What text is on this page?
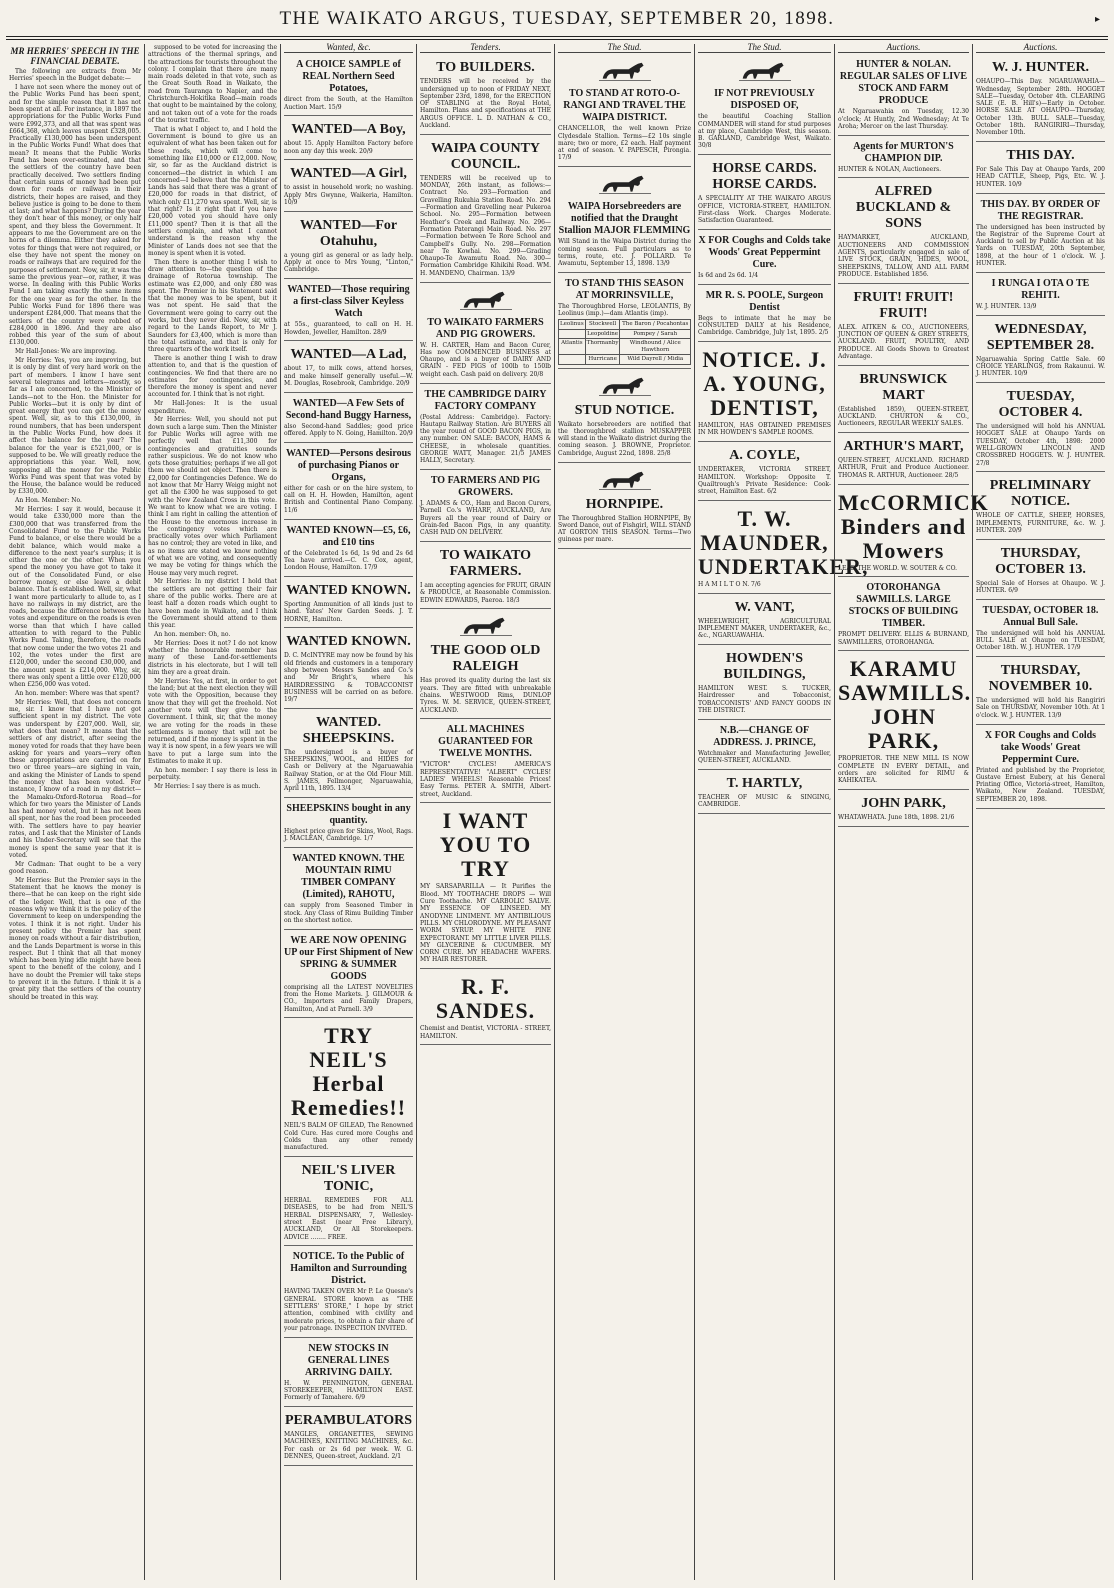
THE WAIKATO ARGUS, TUESDAY, SEPTEMBER 20, 1898.	▸
MR HERRIES' SPEECH IN THE FINANCIAL DEBATE.

The following are extracts from Mr Herries' speech in the Budget debate:—

I have not seen where the money out of the Public Works Fund has been spent, and for the simple reason that it has not been spent at all. For instance, in 1897 the appropriations for the Public Works Fund were £992,373, and all that was spent was £664,368, which leaves unspent £328,005. Practically £130,000 has been underspent in the Public Works Fund! What does that mean? It means that the Public Works Fund has been over-estimated, and that the settlers of the country have been practically deceived. Two settlers finding that certain sums of money had been put down for roads or railways in their districts, their hopes are raised, and they believe justice is going to be done to them at last; and what happens? During the year they don't hear of this money, or only half spent, and they bless the Government. It appears to me the Government are on the horns of a dilemma. Either they asked for votes for things that were not required, or else they have not spent the money on roads or railways that are required for the purposes of settlement. Now, sir, it was the same the previous year—or, rather, it was worse. In dealing with this Public Works Fund I am taking exactly the same items for the one year as for the other. In the Public Works Fund for 1896 there was underspent £284,000. That means that the settlers of the country were robbed of £284,000 in 1896. And they are also robbed this year of the sum of about £130,000.

Mr Hall-Jones: We are improving.

Mr Herries: Yes, you are improving, but it is only by dint of very hard work on the part of members. I know I have sent several telegrams and letters—mostly, so far as I am concerned, to the Minister of Lands—not to the Hon. the Minister for Public Works—but it is only by dint of great energy that you can get the money spent. Well, sir, as to this £130,000, in round numbers, that has been underspent in the Public Works Fund, how does it affect the balance for the year? The balance for the year is £521,000, or is supposed to be. We will greatly reduce the appropriations this year. Well, now, supposing all the money for the Public Works Fund was spent that was voted by the House, the balance would be reduced by £330,000.

An Hon. Member: No.

Mr Herries: I say it would, because it would take £330,000 more than the £300,000 that was transferred from the Consolidated Fund to the Public Works Fund to balance, or else there would be a debit balance, which would make a difference to the next year's surplus; it is either the one or the other. When you spend the money you have got to take it out of the Consolidated Fund, or else borrow money, or else leave a debit balance. That is established. Well, sir, what I want more particularly to allude to, as I have no railways in my district, are the roads, because the difference between the votes and expenditure on the roads is even worse than that which I have called attention to with regard to the Public Works Fund. Taking, therefore, the roads that now come under the two votes 21 and 102, the votes under the first are £120,000, under the second £30,000, and the amount spent is £214,000. Why, sir, there was only spent a little over £120,000 when £256,000 was voted.

An hon. member: Where was that spent?

Mr Herries: Well, that does not concern me, sir. I know that I have not got sufficient spent in my district. The vote was underspent by £207,000. Well, sir, what does that mean? It means that the settlers of any district, after seeing the money voted for roads that they have been asking for years and years—very often these appropriations are carried on for two or three years—are sighing in vain, and asking the Minister of Lands to spend the money that has been voted. For instance, I know of a road in my district—the Mamaku-Oxford-Rotorua Road—for which for two years the Minister of Lands has had money voted, but it has not been all spent, nor has the road been proceeded with. The settlers have to pay heavier rates, and I ask that the Minister of Lands and his Under-Secretary will see that the money is spent the same year that it is voted.

Mr Cadman: That ought to be a very good reason.

Mr Herries: But the Premier says in the Statement that he knows the money is there—that he can keep on the right side of the ledger. Well, that is one of the reasons why we think it is the policy of the Government to keep on underspending the votes. I think it is not right. Under his present policy the Premier has spent money on roads without a fair distribution, and the Lands Department is worse in this respect. But I think that all that money which has been lying idle might have been spent to the benefit of the colony, and I have no doubt the Premier will take steps to prevent it in the future. I think it is a great pity that the settlers of the country should be treated in this way.

supposed to be voted for increasing the attractions of the thermal springs, and the attractions for tourists throughout the colony. I complain that there are many main roads deleted in that vote, such as the Great South Road in Waikato, the road from Tauranga to Napier, and the Christchurch-Hokitika Road—main roads that ought to be maintained by the colony, and not taken out of a vote for the roads of the tourist traffic.

That is what I object to, and I hold the Government is bound to give us an equivalent of what has been taken out for these roads, which will come to something like £10,000 or £12,000. Now, sir, so far as the Auckland district is concerned—the district in which I am concerned—I believe that the Minister of Lands has said that there was a grant of £20,000 for roads in that district, of which only £11,270 was spent. Well, sir, is that right? Is it right that if you have £20,000 voted you should have only £11,000 spent? Then it is that all the settlers complain, and what I cannot understand is the reason why the Minister of Lands does not see that the money is spent when it is voted.

Then there is another thing I wish to draw attention to—the question of the drainage of Rotorua township. The estimate was £2,000, and only £80 was spent. The Premier in his Statement said that the money was to be spent, but it was not spent. He said that the Government were going to carry out the works, but they never did. Now, sir, with regard to the Lands Report, to Mr J. Saunders for £3,400, which is more than the total estimate, and that is only for three quarters of the work itself.

There is another thing I wish to draw attention to, and that is the question of contingencies. We find that there are no estimates for contingencies, and therefore the money is spent and never accounted for. I think that is not right.

Mr Hall-Jones: It is the usual expenditure.

Mr Herries: Well, you should not put down such a large sum. Then the Minister for Public Works will agree with me perfectly well that £11,300 for contingencies and gratuities sounds rather suspicious. We do not know who gets those gratuities; perhaps if we all got them we should not object. Then there is £2,000 for Contingencies Defence. We do not know that Mr Harry Weigg might not get all the £300 he was supposed to get with the New Zealand Cross in this vote. We want to know what we are voting. I think I am right in calling the attention of the House to the enormous increase in the contingency votes which are practically votes over which Parliament has no control; they are voted in like, and as no items are stated we know nothing of what we are voting, and consequently we may be voting for things which the House may very much regret.

Mr Herries: In my district I hold that the settlers are not getting their fair share of the public works. There are at least half a dozen roads which ought to have been made in Waikato, and I think the Government should attend to them this year.

An hon. member: Oh, no.

Mr Herries: Does it not? I do not know whether the honourable member has many of these Land-for-settlements districts in his electorate, but I will tell him they are a great drain.

Mr Herries: Yes, at first, in order to get the land; but at the next election they will vote with the Opposition, because they know that they will get the freehold. Not another vote will they give to the Government. I think, sir, that the money we are voting for the roads in these settlements is money that will not be returned, and if the money is spent in the way it is now spent, in a few years we will have to put a large sum into the Estimates to make it up.

An hon. member: I say there is less in perpetuity.

Mr Herries: I say there is as much.

Wanted, &c.
A CHOICE SAMPLE of REAL Northern Seed Potatoes,

direct from the South, at the Hamilton Auction Mart. 15/9

WANTED—A Boy,

about 15. Apply Hamilton Factory before noon any day this week. 20/9

WANTED—A Girl,

to assist in household work; no washing. Apply Mrs Gwynne, Waikeria, Hamilton. 10/9

WANTED—For Otahuhu,

a young girl as general or as lady help. Apply at once to Mrs Young, "Linton," Cambridge.

WANTED—Those requiring a first-class Silver Keyless Watch

at 55s., guaranteed, to call on H. H. Howden, Jeweller, Hamilton. 28/9

WANTED—A Lad,

about 17, to milk cows, attend horses, and make himself generally useful.—W. M. Douglas, Rosebrook, Cambridge. 20/9

WANTED—A Few Sets of Second-hand Buggy Harness,

also Second-hand Saddles; good price offered. Apply to N. Going, Hamilton. 20/9

WANTED—Persons desirous of purchasing Pianos or Organs,

either for cash or on the hire system, to call on H. H. Howden, Hamilton, agent British and Continental Piano Company. 11/6

WANTED KNOWN—£5, £6, and £10 tins

of the Celebrated 1s 6d, 1s 9d and 2s 6d Tea have arrived.—C. C. Cox, agent, London House, Hamilton. 17/9

WANTED KNOWN.

Sporting Ammunition of all kinds just to hand. Yates' New Garden Seeds. J. T. HORNE, Hamilton.

WANTED KNOWN.

D. C. McINTYRE may now be found by his old friends and customers in a temporary shop between Messrs Sandes and Co.'s and Mr Bright's, where his HAIRDRESSING & TOBACCONIST BUSINESS will be carried on as before. 19/7

WANTED. SHEEPSKINS.

The undersigned is a buyer of SHEEPSKINS, WOOL, and HIDES for Cash or Delivery at the Ngaruawahia Railway Station, or at the Old Flour Mill. S. JAMES, Fellmonger, Ngaruawahia, April 11th, 1895. 13/4

SHEEPSKINS bought in any quantity.

Highest price given for Skins, Wool, Rags. J. MACLEAN, Cambridge. 1/7

WANTED KNOWN. THE MOUNTAIN RIMU TIMBER COMPANY (Limited), RAHOTU,

can supply from Seasoned Timber in stock. Any Class of Rimu Building Timber on the shortest notice.

WE ARE NOW OPENING UP our First Shipment of New SPRING & SUMMER GOODS

comprising all the LATEST NOVELTIES from the Home Markets. J. GILMOUR & CO., Importers and Family Drapers, Hamilton, And at Parnell. 3/9

TRY NEIL'S Herbal Remedies!!

NEIL'S BALM OF GILEAD, The Renowned Cold Cure. Has cured more Coughs and Colds than any other remedy manufactured.

NEIL'S LIVER TONIC,

HERBAL REMEDIES FOR ALL DISEASES, to be had from NEIL'S HERBAL DISPENSARY, 7, Wellesley-street East (near Free Library), AUCKLAND, Or All Storekeepers. ADVICE ........ FREE.

NOTICE. To the Public of Hamilton and Surrounding District.

HAVING TAKEN OVER Mr P. Le Quesne's GENERAL STORE known as "THE SETTLERS' STORE," I hope by strict attention, combined with civility and moderate prices, to obtain a fair share of your patronage. INSPECTION INVITED.

NEW STOCKS IN GENERAL LINES ARRIVING DAILY.

H. W. PENNINGTON, GENERAL STOREKEEPER, HAMILTON EAST. Formerly of Tamahere. 6/9

PERAMBULATORS

MANGLES, ORGANETTES, SEWING MACHINES, KNITTING MACHINES, &c. For cash or 2s 6d per week. W. G. DENNES, Queen-street, Auckland. 2/1

Tenders.
TO BUILDERS.

TENDERS will be received by the undersigned up to noon of FRIDAY NEXT, September 23rd, 1898, for the ERECTION OF STABLING at the Royal Hotel, Hamilton. Plans and specifications at THE ARGUS OFFICE. L. D. NATHAN & CO., Auckland.

WAIPA COUNTY COUNCIL.

TENDERS will be received up to MONDAY, 26th instant, as follows:— Contract No. 293—Formation and Gravelling Rukuhia Station Road. No. 294—Formation and Gravelling near Pukeroa School. No. 295—Formation between Heather's Creek and Railway. No. 296—Formation Paterangi Main Road. No. 297—Formation between Te Rore School and Campbell's Gully. No. 298—Formation near Te Kowhai. No. 299—Grading Ohaupo-Te Awamutu Road. No. 300—Formation Cambridge Kihikihi Road. WM. H. MANDENO, Chairman. 13/9

TO WAIKATO FARMERS AND PIG GROWERS.

W. H. CARTER, Ham and Bacon Curer, Has now COMMENCED BUSINESS at Ohaupo, and is a buyer of DAIRY AND GRAIN - FED PIGS of 100lb to 150lb weight each. Cash paid on delivery. 20/8

THE CAMBRIDGE DAIRY FACTORY COMPANY

(Postal Address: Cambridge). Factory: Hautapu Railway Station. Are BUYERS all the year round of GOOD BACON PIGS, in any number. ON SALE: BACON, HAMS & CHEESE, in wholesale quantities. GEORGE WATT, Manager. 21/5 JAMES HALLY, Secretary.

TO FARMERS AND PIG GROWERS.

J. ADAMS & CO., Ham and Bacon Curers, Parnell Co.'s WHARF, AUCKLAND, Are Buyers all the year round of Dairy or Grain-fed Bacon Pigs, in any quantity. CASH PAID ON DELIVERY.

TO WAIKATO FARMERS.

I am accepting agencies for FRUIT, GRAIN & PRODUCE, at Reasonable Commission. EDWIN EDWARDS, Paeroa. 18/3

THE GOOD OLD RALEIGH

Has proved its quality during the last six years. They are fitted with unbreakable chains. WESTWOOD Rims, DUNLOP Tyres. W. M. SERVICE, QUEEN-STREET, AUCKLAND.

ALL MACHINES GUARANTEED FOR TWELVE MONTHS.

"VICTOR" CYCLES! AMERICA'S REPRESENTATIVE! "ALBERT" CYCLES! LADIES' WHEELS! Reasonable Prices! Easy Terms. PETER A. SMITH, Albert-street, Auckland.

I WANT YOU TO TRY

MY SARSAPARILLA — It Purifies the Blood. MY TOOTHACHE DROPS — Will Cure Toothache. MY CARBOLIC SALVE. MY ESSENCE OF LINSEED. MY ANODYNE LINIMENT. MY ANTIBILIOUS PILLS. MY CHLORODYNE. MY PLEASANT WORM SYRUP. MY WHITE PINE EXPECTORANT. MY LITTLE LIVER PILLS. MY GLYCERINE & CUCUMBER. MY CORN CURE. MY HEADACHE WAFERS. MY HAIR RESTORER.

R. F. SANDES.

Chemist and Dentist, VICTORIA - STREET, HAMILTON.

The Stud.
TO STAND AT ROTO-O-RANGI AND TRAVEL THE WAIPA DISTRICT.

CHANCELLOR, the well known Prize Clydesdale Stallion. Terms—£2 10s single mare; two or more, £2 each. Half payment at end of season. V. PAPESCH, Pirongia. 17/9

WAIPA Horsebreeders are notified that the Draught Stallion MAJOR FLEMMING

Will Stand in the Waipa District during the coming season. Full particulars as to terms, route, etc. J. POLLARD. Te Awamutu, September 13, 1898. 13/9

TO STAND THIS SEASON AT MORRINSVILLE,

The Thoroughbred Horse, LEOLANTIS, By Leolinus (imp.)—dam Atlantis (imp).

Leolinus	Stockwell	The Baron / Pocahontas
	Leopoldine	Pompey / Sarah
Atlantis	Thormanby	Windhound / Alice Hawthorn
	Hurricane	Wild Dayrell / Midia
STUD NOTICE.

Waikato horsebreeders are notified that the thoroughbred stallion MUSKAPPER will stand in the Waikato district during the coming season. J. BROWNE, Proprietor. Cambridge, August 22nd, 1898. 25/8

HORNPIPE.

The Thoroughbred Stallion HORNPIPE, By Sword Dance, out of Fishgirl, WILL STAND AT GORTON THIS SEASON. Terms—Two guineas per mare.

The Stud.
IF NOT PREVIOUSLY DISPOSED OF,

the beautiful Coaching Stallion COMMANDER will stand for stud purposes at my place, Cambridge West, this season. B. GARLAND, Cambridge West, Waikato. 30/8

HORSE CARDS. HORSE CARDS.

A SPECIALITY AT THE WAIKATO ARGUS OFFICE, VICTORIA-STREET, HAMILTON. First-class Work. Charges Moderate. Satisfaction Guaranteed.

X FOR Coughs and Colds take Woods' Great Peppermint Cure.

Is 6d and 2s 6d. 1/4

MR R. S. POOLE, Surgeon Dentist

Begs to intimate that he may be CONSULTED DAILY at his Residence, Cambridge. Cambridge, July 1st, 1895. 2/5

NOTICE. J. A. YOUNG, DENTIST,

HAMILTON, HAS OBTAINED PREMISES IN MR HOWDEN'S SAMPLE ROOMS.

A. COYLE,

UNDERTAKER, VICTORIA STREET, HAMILTON. Workshop: Opposite T. Quailtrough's Private Residence: Cook-street, Hamilton East. 6/2

T. W. MAUNDER, UNDERTAKER,

H A M I L T O N. 7/6

W. VANT,

WHEELWRIGHT, AGRICULTURAL IMPLEMENT MAKER, UNDERTAKER, &c., &c., NGARUAWAHIA.

HOWDEN'S BUILDINGS,

HAMILTON WEST. S. TUCKER, Hairdresser and Tobacconist, TOBACCONISTS' AND FANCY GOODS IN THE DISTRICT.

N.B.—CHANGE OF ADDRESS. J. PRINCE,

Watchmaker and Manufacturing Jeweller, QUEEN-STREET, AUCKLAND.

T. HARTLY,

TEACHER OF MUSIC & SINGING, CAMBRIDGE.

Auctions.
HUNTER & NOLAN. REGULAR SALES OF LIVE STOCK AND FARM PRODUCE

At Ngaruawahia on Tuesday, 12.30 o'clock; At Huntly, 2nd Wednesday; At Te Aroha; Mercer on the last Thursday.

Agents for MURTON'S CHAMPION DIP.

HUNTER & NOLAN, Auctioneers.

ALFRED BUCKLAND & SONS

HAYMARKET, AUCKLAND, AUCTIONEERS AND COMMISSION AGENTS, particularly engaged in sale of LIVE STOCK, GRAIN, HIDES, WOOL, SHEEPSKINS, TALLOW, AND ALL FARM PRODUCE. Established 1856.

FRUIT! FRUIT! FRUIT!

ALEX. AITKEN & CO., AUCTIONEERS, JUNCTION OF QUEEN & GREY STREETS, AUCKLAND. FRUIT, POULTRY, AND PRODUCE. All Goods Shown to Greatest Advantage.

BRUNSWICK MART

(Established 1859), QUEEN-STREET, AUCKLAND. CHURTON & CO., Auctioneers, REGULAR WEEKLY SALES.

ARTHUR'S MART,

QUEEN-STREET, AUCKLAND. RICHARD ARTHUR, Fruit and Produce Auctioneer. THOMAS R. ARTHUR, Auctioneer. 28/5

McCORMICK Binders and Mowers

LEAD THE WORLD. W. SOUTER & CO.

OTOROHANGA SAWMILLS. LARGE STOCKS OF BUILDING TIMBER.

PROMPT DELIVERY. ELLIS & BURNAND, SAWMILLERS, OTOROHANGA.

KARAMU SAWMILLS. JOHN PARK,

PROPRIETOR. THE NEW MILL IS NOW COMPLETE IN EVERY DETAIL, and orders are solicited for RIMU & KAHIKATEA.

JOHN PARK,

WHATAWHATA. June 18th, 1898. 21/6

Auctions.
W. J. HUNTER.

OHAUPO—This Day. NGARUAWAHIA—Wednesday, September 28th. HOGGET SALE—Tuesday, October 4th. CLEARING SALE (E. B. Hill's)—Early in October. HORSE SALE AT OHAUPO—Thursday, October 13th. BULL SALE—Tuesday, October 18th. RANGIRIRI—Thursday, November 10th.

THIS DAY.

For Sale This Day at Ohaupo Yards, 200 HEAD CATTLE, Sheep, Pigs, Etc. W. J. HUNTER. 10/9

THIS DAY. BY ORDER OF THE REGISTRAR.

The undersigned has been instructed by the Registrar of the Supreme Court at Auckland to sell by Public Auction at his Yards on TUESDAY, 20th September, 1898, at the hour of 1 o'clock. W. J. HUNTER.

I RUNGA I OTA O TE REHITI.

W. J. HUNTER. 13/9

WEDNESDAY, SEPTEMBER 28.

Ngaruawahia Spring Cattle Sale. 60 CHOICE YEARLINGS, from Rakaunui. W. J. HUNTER. 10/9

TUESDAY, OCTOBER 4.

The undersigned will hold his ANNUAL HOGGET SALE at Ohaupo Yards on TUESDAY, October 4th, 1898: 2000 WELL-GROWN LINCOLN AND CROSSBRED HOGGETS. W. J. HUNTER. 27/8

PRELIMINARY NOTICE.

WHOLE OF CATTLE, SHEEP, HORSES, IMPLEMENTS, FURNITURE, &c. W. J. HUNTER. 20/9

THURSDAY, OCTOBER 13.

Special Sale of Horses at Ohaupo. W. J. HUNTER. 6/9

TUESDAY, OCTOBER 18. Annual Bull Sale.

The undersigned will hold his ANNUAL BULL SALE at Ohaupo on TUESDAY, October 18th. W. J. HUNTER. 17/9

THURSDAY, NOVEMBER 10.

The undersigned will hold his Rangiriri Sale on THURSDAY, November 10th. At 1 o'clock. W. J. HUNTER. 13/9

X FOR Coughs and Colds take Woods' Great Peppermint Cure.

Printed and published by the Proprietor, Gustave Ernest Eubery, at his General Printing Office, Victoria-street, Hamilton, Waikato, New Zealand. TUESDAY, SEPTEMBER 20, 1898.
